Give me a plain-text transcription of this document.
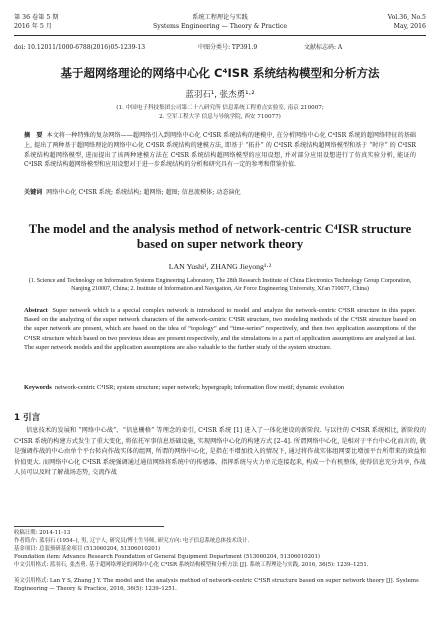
第 36 卷第 5 期	系统工程理论与实践	Vol.36, No.5
2016 年 5 月	Systems Engineering — Theory & Practice	May, 2016
doi: 10.12011/1000-6788(2016)05-1239-13	中图分类号: TP391.9	文献标志码: A
基于超网络理论的网络中心化 C⁴ISR 系统结构模型和分析方法
蓝羽石¹, 张杰勇¹·²
(1. 中国电子科技集团公司第二十八研究所 信息系统工程重点实验室, 南京 210007;
2. 空军工程大学 信息与导航学院, 西安 710077)
摘　要 本文将一种特殊的复杂网络——超网络引入到网络中心化 C⁴ISR 系统结构的建模中, 在分析网络中心化 C⁴ISR 系统的超网络特征的基础上, 提出了两种基于超网络理论的网络中心化 C⁴ISR 系统结构的建模方法, 即基于 “拓扑” 的 C⁴ISR 系统结构超网络模型和基于 “时序” 的 C⁴ISR 系统结构超网络模型, 进而提出了该两种建模方法在 C⁴ISR 系统结构超网络模型的应用设想, 并对部分应用设想进行了仿真实验分析, 能证的 C⁴ISR 系统结构超网络模型和应用设想对于进一步系统结构的分析和研究具有一定的参考和借鉴价值.
关键词 网络中心化 C⁴ISR 系统; 系统结构; 超网络; 超图; 信息流模体; 动态演化
The model and the analysis method of network-centric C⁴ISR structure based on super network theory
LAN Yushi¹, ZHANG Jieyong¹·²
(1. Science and Technology on Information Systems Engineering Laboratory, The 28th Research Institute of China Electronics Technology Group Corporation, Nanjing 210007, China; 2. Institute of Information and Navigation, Air Force Engineering University, Xi'an 710077, China)
Abstract Super network which is a special complex network is introduced to model and analyze the network-centric C⁴ISR structure in this paper. Based on the analyzing of the super network characters of the network-centric C⁴ISR structure, two modeling methods of the C⁴ISR structure based on the super network are present, which are based on the idea of “topology” and “time-series” respectively, and then two application assumptions of the C⁴ISR structure which based on two previous ideas are present respectively, and the simulations to a part of application assumptions are analyzed at last. The super network models and the application assumptions are also valuable to the further study of the system structure.
Keywords network-centric C⁴ISR; system structure; super network; hypergraph; information flow motif; dynamic evolution
1 引言
信息技术的发展和 “网络中心战”、“信息栅格” 等理念的牵引, C⁴ISR 系统 [1] 进入了一体化建设的新阶段. 与以往的 C⁴ISR 系统相比, 新阶段的 C⁴ISR 系统的构建方式发生了重大变化, 将依托军事信息基础设施, 实现网络中心化的构建方式 [2–4]. 所谓网络中心化, 是相对于平台中心化而言的, 就是强调作战的中心由单个平台转向作战实体的组网, 所谓的网络中心化, 是指在不增加投入的情况下, 通过将作战实体组网要比增加平台所带来的效益和价值更大. 而网络中心化 C⁴ISR 系统强调通过通信网络将系统中的传感器、指挥系统与火力单元连接起来, 构成一个有机整体, 使得信息充分共享, 作战人员可以及时了解战场态势, 交流作战
收稿日期: 2014-11-13
作者简介: 蓝羽石 (1954–), 男, 辽宁人, 研究员/博士生导师, 研究方向: 电子信息系统总体技术设计.
基金项目: 总装预研基金项目 (513060204, 51306010201)
Foundation item: Advance Research Foundation of General Equipment Department (513060204, 51306010201)
中文引用格式: 蓝羽石, 张杰勇. 基于超网络理论的网络中心化 C⁴ISR 系统结构模型和分析方法 [J]. 系统工程理论与实践, 2016, 36(5): 1239–1251.
英文引用格式: Lan Y S, Zhang J Y. The model and the analysis method of network-centric C⁴ISR structure based on super network theory [J]. Systems Engineering — Theory & Practice, 2016, 36(5): 1239–1251.
